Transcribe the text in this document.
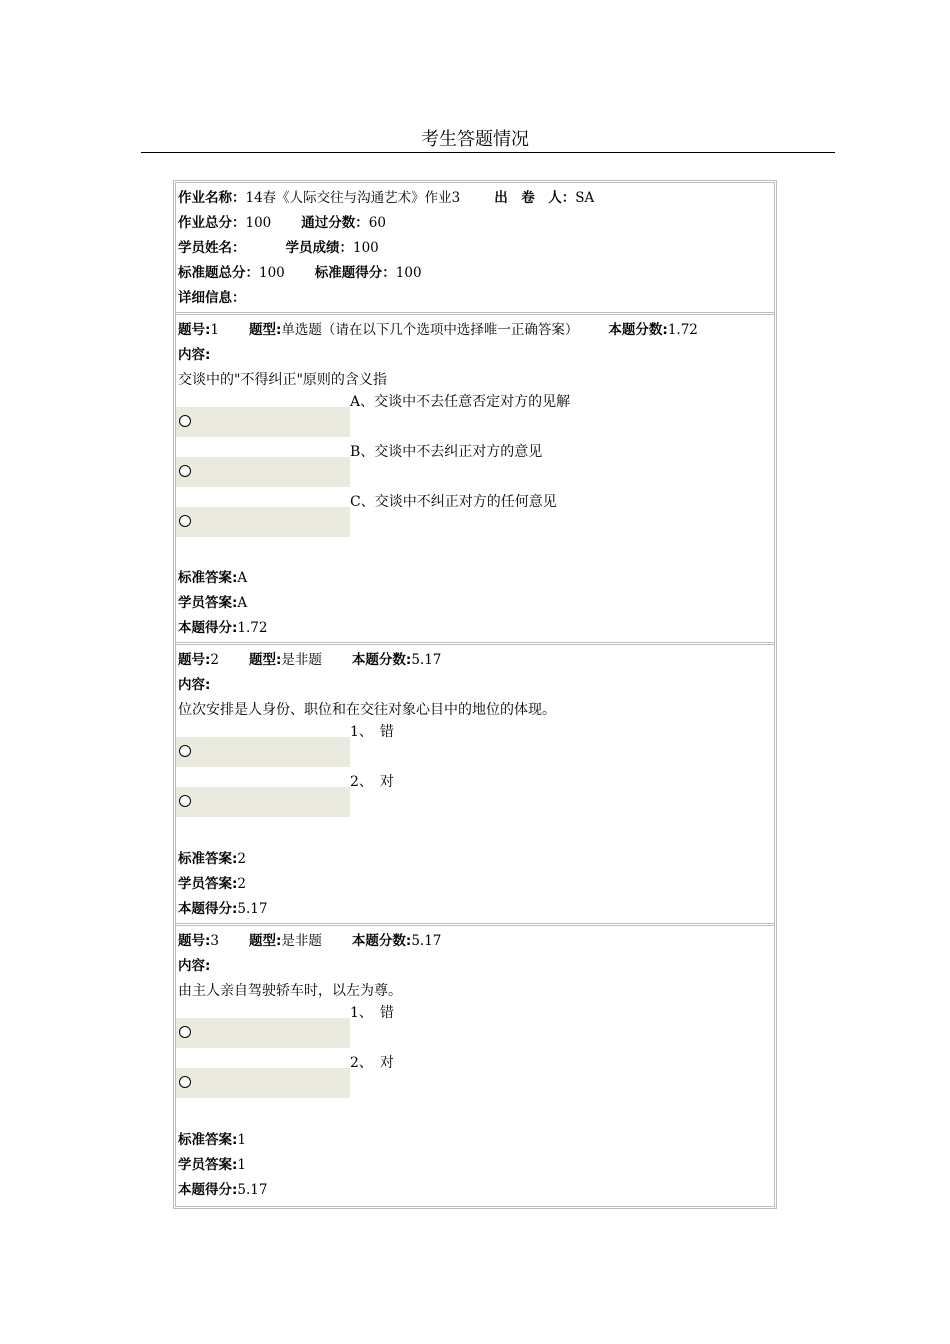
考生答题情况
作业名称：14春《人际交往与沟通艺术》作业3	出　卷　人：SA
作业总分：100 通过分数：60
学员姓名：	学员成绩：100
标准题总分：100 标准题得分：100
详细信息：
题号:1 题型:单选题（请在以下几个选项中选择唯一正确答案） 本题分数:1.72
内容:
交谈中的"不得纠正"原则的含义指
A、交谈中不去任意否定对方的见解
B、交谈中不去纠正对方的意见
C、交谈中不纠正对方的任何意见
标准答案:A
学员答案:A
本题得分:1.72
题号:2 题型:是非题 本题分数:5.17
内容:
位次安排是人身份、职位和在交往对象心目中的地位的体现。
1、　错
2、　对
标准答案:2
学员答案:2
本题得分:5.17
题号:3 题型:是非题 本题分数:5.17
内容:
由主人亲自驾驶轿车时，以左为尊。
1、　错
2、　对
标准答案:1
学员答案:1
本题得分:5.17
